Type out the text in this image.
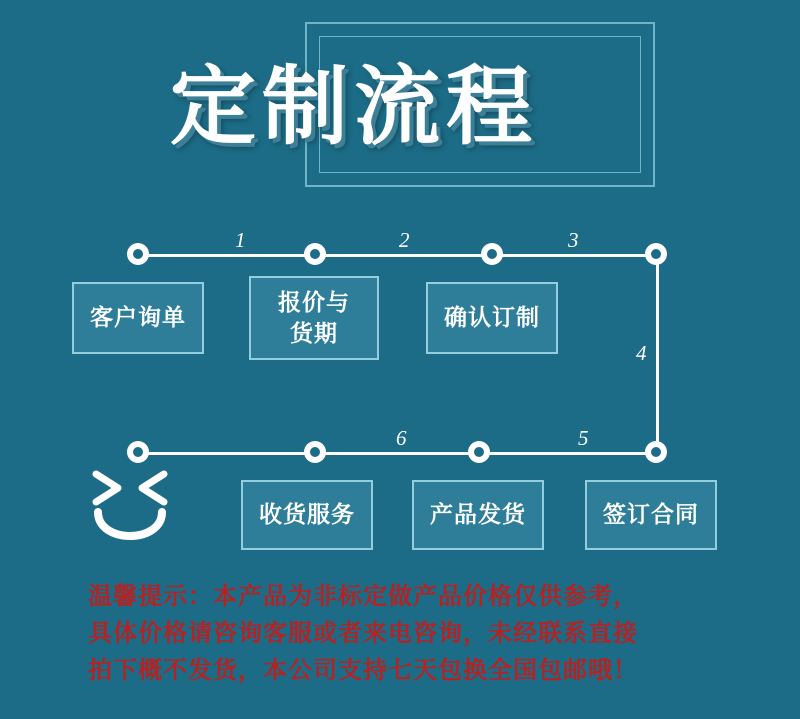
定制流程
1	2	3
4
5
6
客户询单
报价与
货期
确认订制
签订合同
产品发货
收货服务
温馨提示：本产品为非标定做产品价格仅供参考，
具体价格请咨询客服或者来电咨询，未经联系直接
拍下概不发货，本公司支持七天包换全国包邮哦！
